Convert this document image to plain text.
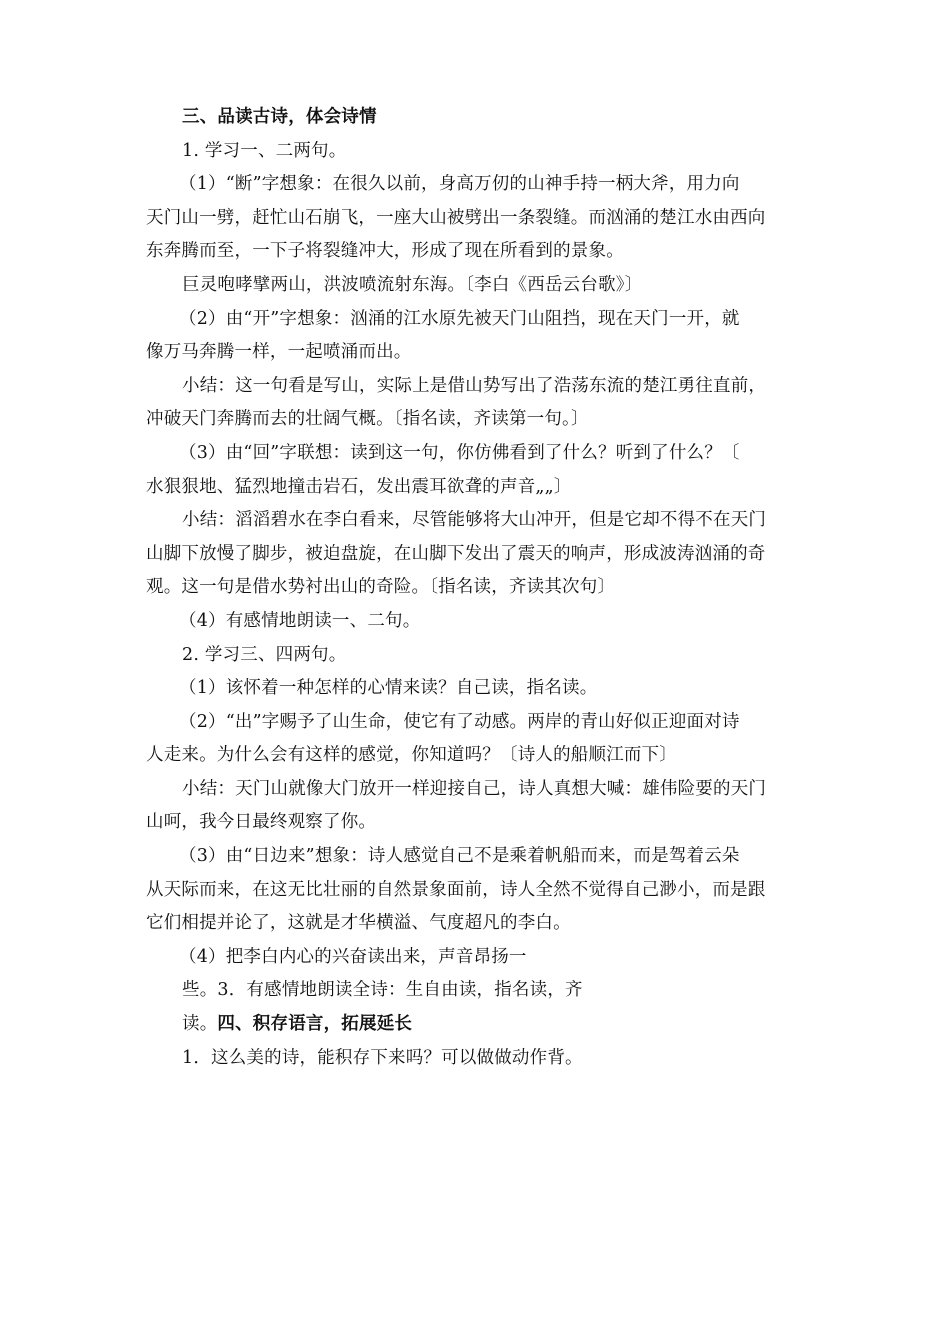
三、品读古诗，体会诗情
1. 学习一、二两句。
（1）“断”字想象：在很久以前，身高万仞的山神手持一柄大斧，用力向
天门山一劈，赶忙山石崩飞，一座大山被劈出一条裂缝。而汹涌的楚江水由西向
东奔腾而至，一下子将裂缝冲大，形成了现在所看到的景象。
巨灵咆哮擘两山，洪波喷流射东海。〔李白《西岳云台歌》〕
（2）由“开”字想象：汹涌的江水原先被天门山阻挡，现在天门一开，就
像万马奔腾一样，一起喷涌而出。
小结：这一句看是写山，实际上是借山势写出了浩荡东流的楚江勇往直前，
冲破天门奔腾而去的壮阔气概。〔指名读，齐读第一句。〕
（3）由“回”字联想：读到这一句，你仿佛看到了什么？听到了什么？〔
水狠狠地、猛烈地撞击岩石，发出震耳欲聋的声音„„〕
小结：滔滔碧水在李白看来，尽管能够将大山冲开，但是它却不得不在天门
山脚下放慢了脚步，被迫盘旋，在山脚下发出了震天的响声，形成波涛汹涌的奇
观。这一句是借水势衬出山的奇险。〔指名读，齐读其次句〕
（4）有感情地朗读一、二句。
2. 学习三、四两句。
（1）该怀着一种怎样的心情来读？自己读，指名读。
（2）“出”字赐予了山生命，使它有了动感。两岸的青山好似正迎面对诗
人走来。为什么会有这样的感觉，你知道吗？〔诗人的船顺江而下〕
小结：天门山就像大门放开一样迎接自己，诗人真想大喊：雄伟险要的天门
山呵，我今日最终观察了你。
（3）由“日边来”想象：诗人感觉自己不是乘着帆船而来，而是驾着云朵
从天际而来，在这无比壮丽的自然景象面前，诗人全然不觉得自己渺小，而是跟
它们相提并论了，这就是才华横溢、气度超凡的李白。
（4）把李白内心的兴奋读出来，声音昂扬一
些。3．有感情地朗读全诗：生自由读，指名读，齐
读。四、积存语言，拓展延长
1．这么美的诗，能积存下来吗？可以做做动作背。
